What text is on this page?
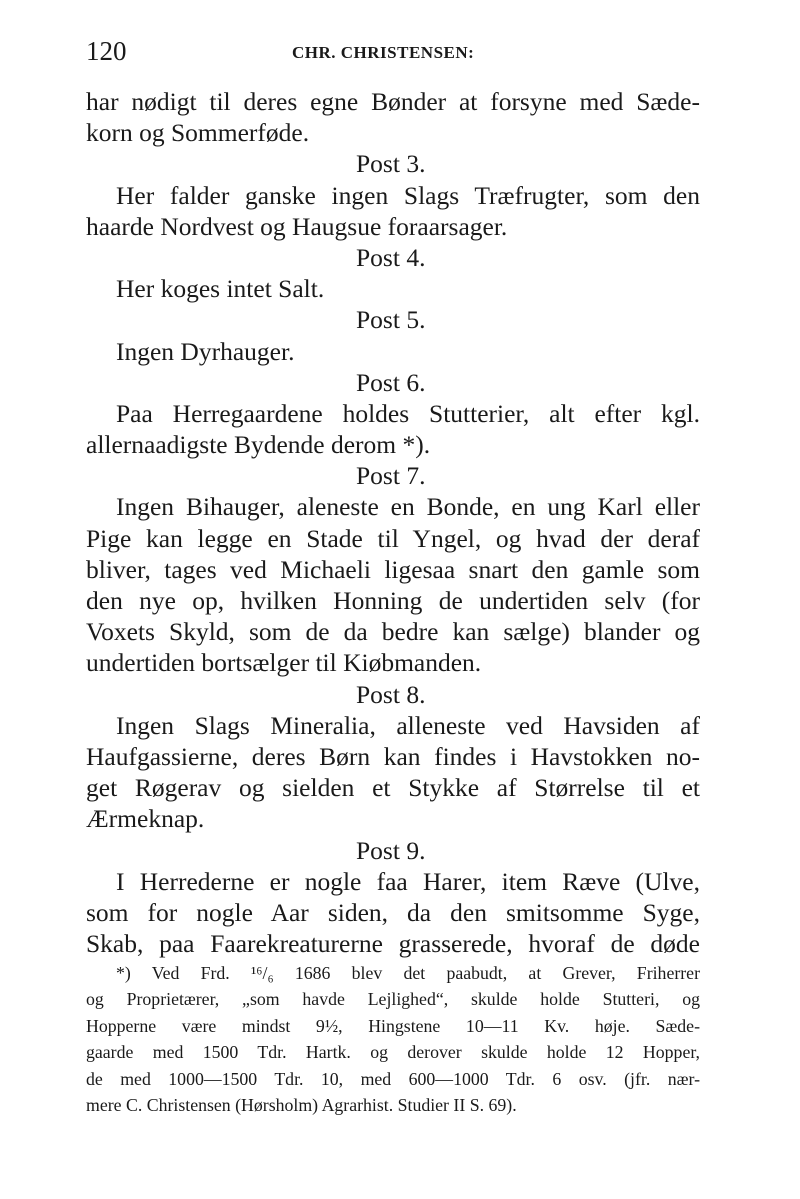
120	CHR. CHRISTENSEN:
har nødigt til deres egne Bønder at forsyne med Sæde-
korn og Sommerføde.
Post 3.
Her falder ganske ingen Slags Træfrugter, som den
haarde Nordvest og Haugsue foraarsager.
Post 4.
Her koges intet Salt.
Post 5.
Ingen Dyrhauger.
Post 6.
Paa Herregaardene holdes Stutterier, alt efter kgl.
allernaadigste Bydende derom *).
Post 7.
Ingen Bihauger, aleneste en Bonde, en ung Karl eller
Pige kan legge en Stade til Yngel, og hvad der deraf
bliver, tages ved Michaeli ligesaa snart den gamle som
den nye op, hvilken Honning de undertiden selv (for
Voxets Skyld, som de da bedre kan sælge) blander og
undertiden bortsælger til Kiøbmanden.
Post 8.
Ingen Slags Mineralia, alleneste ved Havsiden af
Haufgassierne, deres Børn kan findes i Havstokken no-
get Røgerav og sielden et Stykke af Størrelse til et
Ærmeknap.
Post 9.
I Herrederne er nogle faa Harer, item Ræve (Ulve,
som for nogle Aar siden, da den smitsomme Syge,
Skab, paa Faarekreaturerne grasserede, hvoraf de døde
*) Ved Frd. ¹⁶/₆ 1686 blev det paabudt, at Grever, Friherrer
og Proprietærer, „som havde Lejlighed“, skulde holde Stutteri, og
Hopperne være mindst 9½, Hingstene 10—11 Kv. høje. Sæde-
gaarde med 1500 Tdr. Hartk. og derover skulde holde 12 Hopper,
de med 1000—1500 Tdr. 10, med 600—1000 Tdr. 6 osv. (jfr. nær-
mere C. Christensen (Hørsholm) Agrarhist. Studier II S. 69).
